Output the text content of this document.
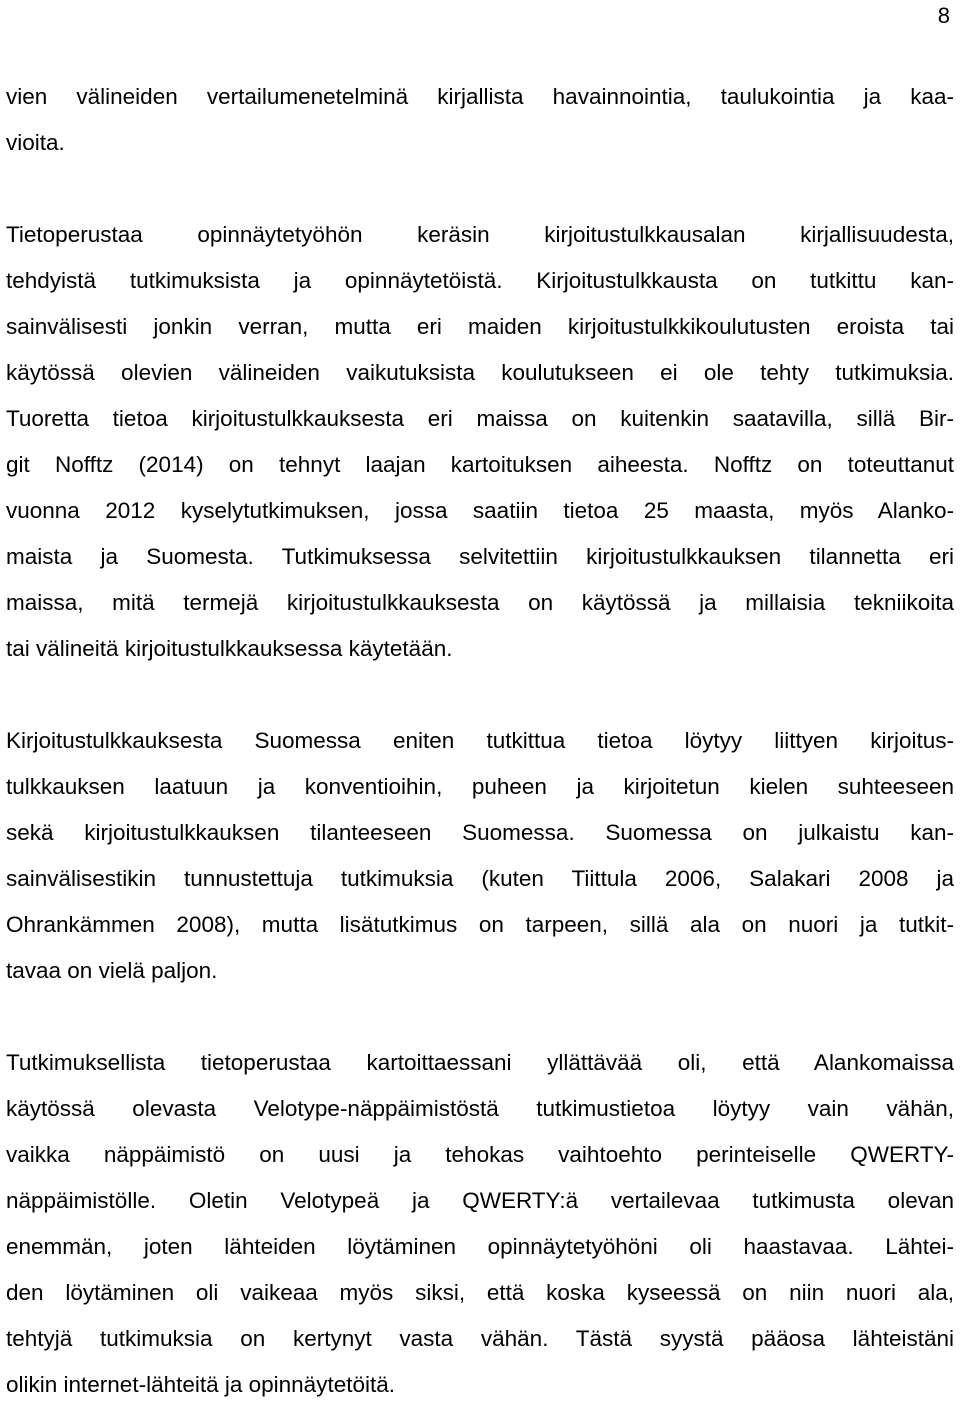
8

vien välineiden vertailumenetelminä kirjallista havainnointia, taulukointia ja kaa-
vioita.

Tietoperustaa opinnäytetyöhön keräsin kirjoitustulkkausalan kirjallisuudesta,
tehdyistä tutkimuksista ja opinnäytetöistä. Kirjoitustulkkausta on tutkittu kan-
sainvälisesti jonkin verran, mutta eri maiden kirjoitustulkkikoulutusten eroista tai
käytössä olevien välineiden vaikutuksista koulutukseen ei ole tehty tutkimuksia.
Tuoretta tietoa kirjoitustulkkauksesta eri maissa on kuitenkin saatavilla, sillä Bir-
git Nofftz (2014) on tehnyt laajan kartoituksen aiheesta. Nofftz on toteuttanut
vuonna 2012 kyselytutkimuksen, jossa saatiin tietoa 25 maasta, myös Alanko-
maista ja Suomesta. Tutkimuksessa selvitettiin kirjoitustulkkauksen tilannetta eri
maissa, mitä termejä kirjoitustulkkauksesta on käytössä ja millaisia tekniikoita
tai välineitä kirjoitustulkkauksessa käytetään.

Kirjoitustulkkauksesta Suomessa eniten tutkittua tietoa löytyy liittyen kirjoitus-
tulkkauksen laatuun ja konventioihin, puheen ja kirjoitetun kielen suhteeseen
sekä kirjoitustulkkauksen tilanteeseen Suomessa. Suomessa on julkaistu kan-
sainvälisestikin tunnustettuja tutkimuksia (kuten Tiittula 2006, Salakari 2008 ja
Ohrankämmen 2008), mutta lisätutkimus on tarpeen, sillä ala on nuori ja tutkit-
tavaa on vielä paljon.

Tutkimuksellista tietoperustaa kartoittaessani yllättävää oli, että Alankomaissa
käytössä olevasta Velotype-näppäimistöstä tutkimustietoa löytyy vain vähän,
vaikka näppäimistö on uusi ja tehokas vaihtoehto perinteiselle QWERTY-
näppäimistölle. Oletin Velotypeä ja QWERTY:ä vertailevaa tutkimusta olevan
enemmän, joten lähteiden löytäminen opinnäytetyöhöni oli haastavaa. Lähtei-
den löytäminen oli vaikeaa myös siksi, että koska kyseessä on niin nuori ala,
tehtyjä tutkimuksia on kertynyt vasta vähän. Tästä syystä pääosa lähteistäni
olikin internet-lähteitä ja opinnäytetöitä.
